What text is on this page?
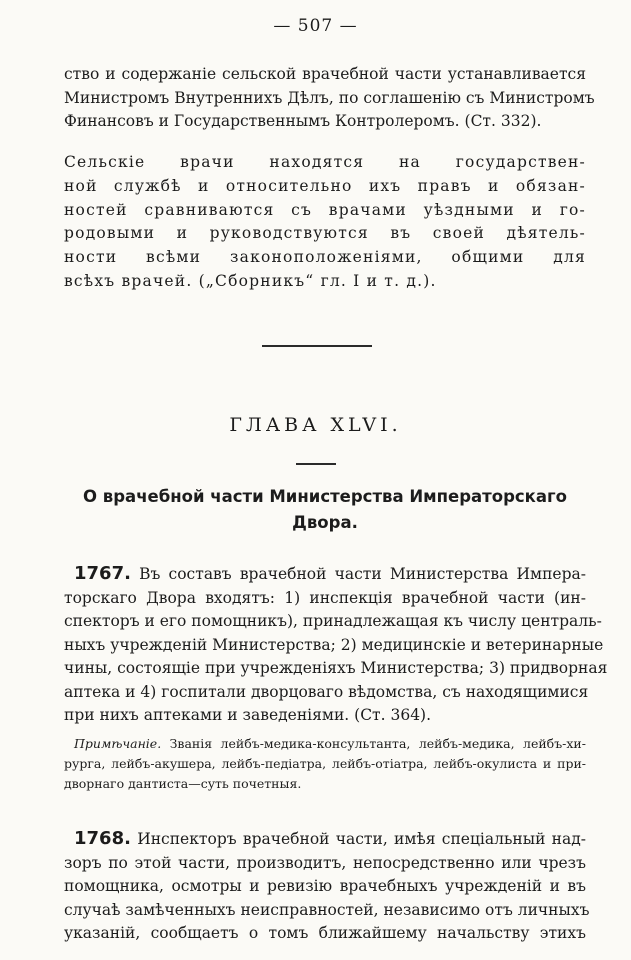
— 507 —
ство и содержаніе сельской врачебной части устанавливается
Министромъ Внутреннихъ Дѣлъ, по соглашенію съ Министромъ
Финансовъ и Государственнымъ Контролеромъ. (Ст. 332).
Сельскіе врачи находятся на государствен-
ной службѣ и относительно ихъ правъ и обязан-
ностей сравниваются съ врачами уѣздными и го-
родовыми и руководствуются въ своей дѣятель-
ности всѣми законоположеніями, общими для
всѣхъ врачей. („Сборникъ“ гл. I и т. д.).
ГЛАВА XLVI.
О врачебной части Министерства Императорскаго
Двора.
1767. Въ составъ врачебной части Министерства Импера-
торскаго Двора входятъ: 1) инспекція врачебной части (ин-
спекторъ и его помощникъ), принадлежащая къ числу централь-
ныхъ учрежденій Министерства; 2) медицинскіе и ветеринарные
чины, состоящіе при учрежденіяхъ Министерства; 3) придворная
аптека и 4) госпитали дворцоваго вѣдомства, съ находящимися
при нихъ аптеками и заведеніями. (Ст. 364).
Примѣчаніе. Званія лейбъ-медика-консультанта, лейбъ-медика, лейбъ-хи-
рурга, лейбъ-акушера, лейбъ-педіатра, лейбъ-отіатра, лейбъ-окулиста и при-
дворнаго дантиста—суть почетныя.
1768. Инспекторъ врачебной части, имѣя спеціальный над-
зоръ по этой части, производитъ, непосредственно или чрезъ
помощника, осмотры и ревизію врачебныхъ учрежденій и въ
случаѣ замѣченныхъ неисправностей, независимо отъ личныхъ
указаній, сообщаетъ о томъ ближайшему начальству этихъ
